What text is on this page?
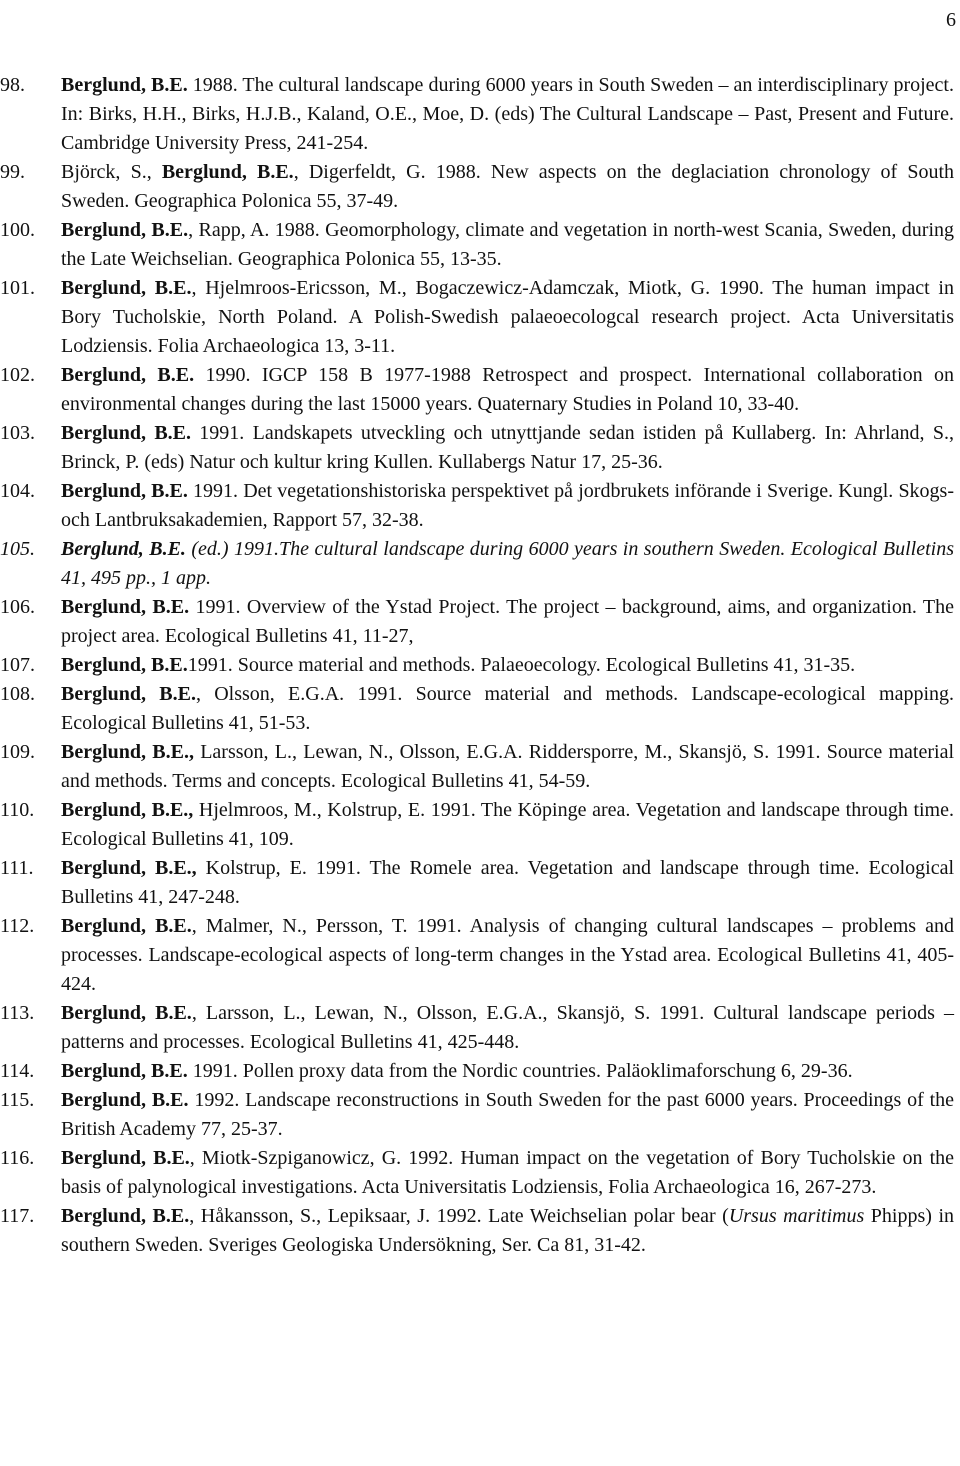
6
98.	Berglund, B.E. 1988. The cultural landscape during 6000 years in South Sweden – an interdisciplinary project. In: Birks, H.H., Birks, H.J.B., Kaland, O.E., Moe, D. (eds) The Cultural Landscape – Past, Present and Future. Cambridge University Press, 241-254.
99.	Björck, S., Berglund, B.E., Digerfeldt, G. 1988. New aspects on the deglaciation chronology of South Sweden. Geographica Polonica 55, 37-49.
100.	Berglund, B.E., Rapp, A. 1988. Geomorphology, climate and vegetation in north-west Scania, Sweden, during the Late Weichselian. Geographica Polonica 55, 13-35.
101.	Berglund, B.E., Hjelmroos-Ericsson, M., Bogaczewicz-Adamczak, Miotk, G. 1990. The human impact in Bory Tucholskie, North Poland. A Polish-Swedish palaeoecologcal research project. Acta Universitatis Lodziensis. Folia Archaeologica 13, 3-11.
102.	Berglund, B.E. 1990. IGCP 158 B 1977-1988 Retrospect and prospect. International collaboration on environmental changes during the last 15000 years. Quaternary Studies in Poland 10, 33-40.
103.	Berglund, B.E. 1991. Landskapets utveckling och utnyttjande sedan istiden på Kullaberg. In: Ahrland, S., Brinck, P. (eds) Natur och kultur kring Kullen. Kullabergs Natur 17, 25-36.
104.	Berglund, B.E. 1991. Det vegetationshistoriska perspektivet på jordbrukets införande i Sverige. Kungl. Skogs- och Lantbruksakademien, Rapport 57, 32-38.
105.	Berglund, B.E. (ed.) 1991.The cultural landscape during 6000 years in southern Sweden. Ecological Bulletins 41, 495 pp., 1 app.
106.	Berglund, B.E. 1991. Overview of the Ystad Project. The project – background, aims, and organization. The project area. Ecological Bulletins 41, 11-27,
107.	Berglund, B.E.1991. Source material and methods. Palaeoecology. Ecological Bulletins 41, 31-35.
108.	Berglund, B.E., Olsson, E.G.A. 1991. Source material and methods. Landscape-ecological mapping. Ecological Bulletins 41, 51-53.
109.	Berglund, B.E., Larsson, L., Lewan, N., Olsson, E.G.A. Riddersporre, M., Skansjö, S. 1991. Source material and methods. Terms and concepts. Ecological Bulletins 41, 54-59.
110.	Berglund, B.E., Hjelmroos, M., Kolstrup, E. 1991. The Köpinge area. Vegetation and landscape through time. Ecological Bulletins 41, 109.
111.	Berglund, B.E., Kolstrup, E. 1991. The Romele area. Vegetation and landscape through time. Ecological Bulletins 41, 247-248.
112.	Berglund, B.E., Malmer, N., Persson, T. 1991. Analysis of changing cultural landscapes – problems and processes. Landscape-ecological aspects of long-term changes in the Ystad area. Ecological Bulletins 41, 405-424.
113.	Berglund, B.E., Larsson, L., Lewan, N., Olsson, E.G.A., Skansjö, S. 1991. Cultural landscape periods – patterns and processes. Ecological Bulletins 41, 425-448.
114.	Berglund, B.E. 1991. Pollen proxy data from the Nordic countries. Paläoklimaforschung 6, 29-36.
115.	Berglund, B.E. 1992. Landscape reconstructions in South Sweden for the past 6000 years. Proceedings of the British Academy 77, 25-37.
116.	Berglund, B.E., Miotk-Szpiganowicz, G. 1992. Human impact on the vegetation of Bory Tucholskie on the basis of palynological investigations. Acta Universitatis Lodziensis, Folia Archaeologica 16, 267-273.
117.	Berglund, B.E., Håkansson, S., Lepiksaar, J. 1992. Late Weichselian polar bear (Ursus maritimus Phipps) in southern Sweden. Sveriges Geologiska Undersökning, Ser. Ca 81, 31-42.
